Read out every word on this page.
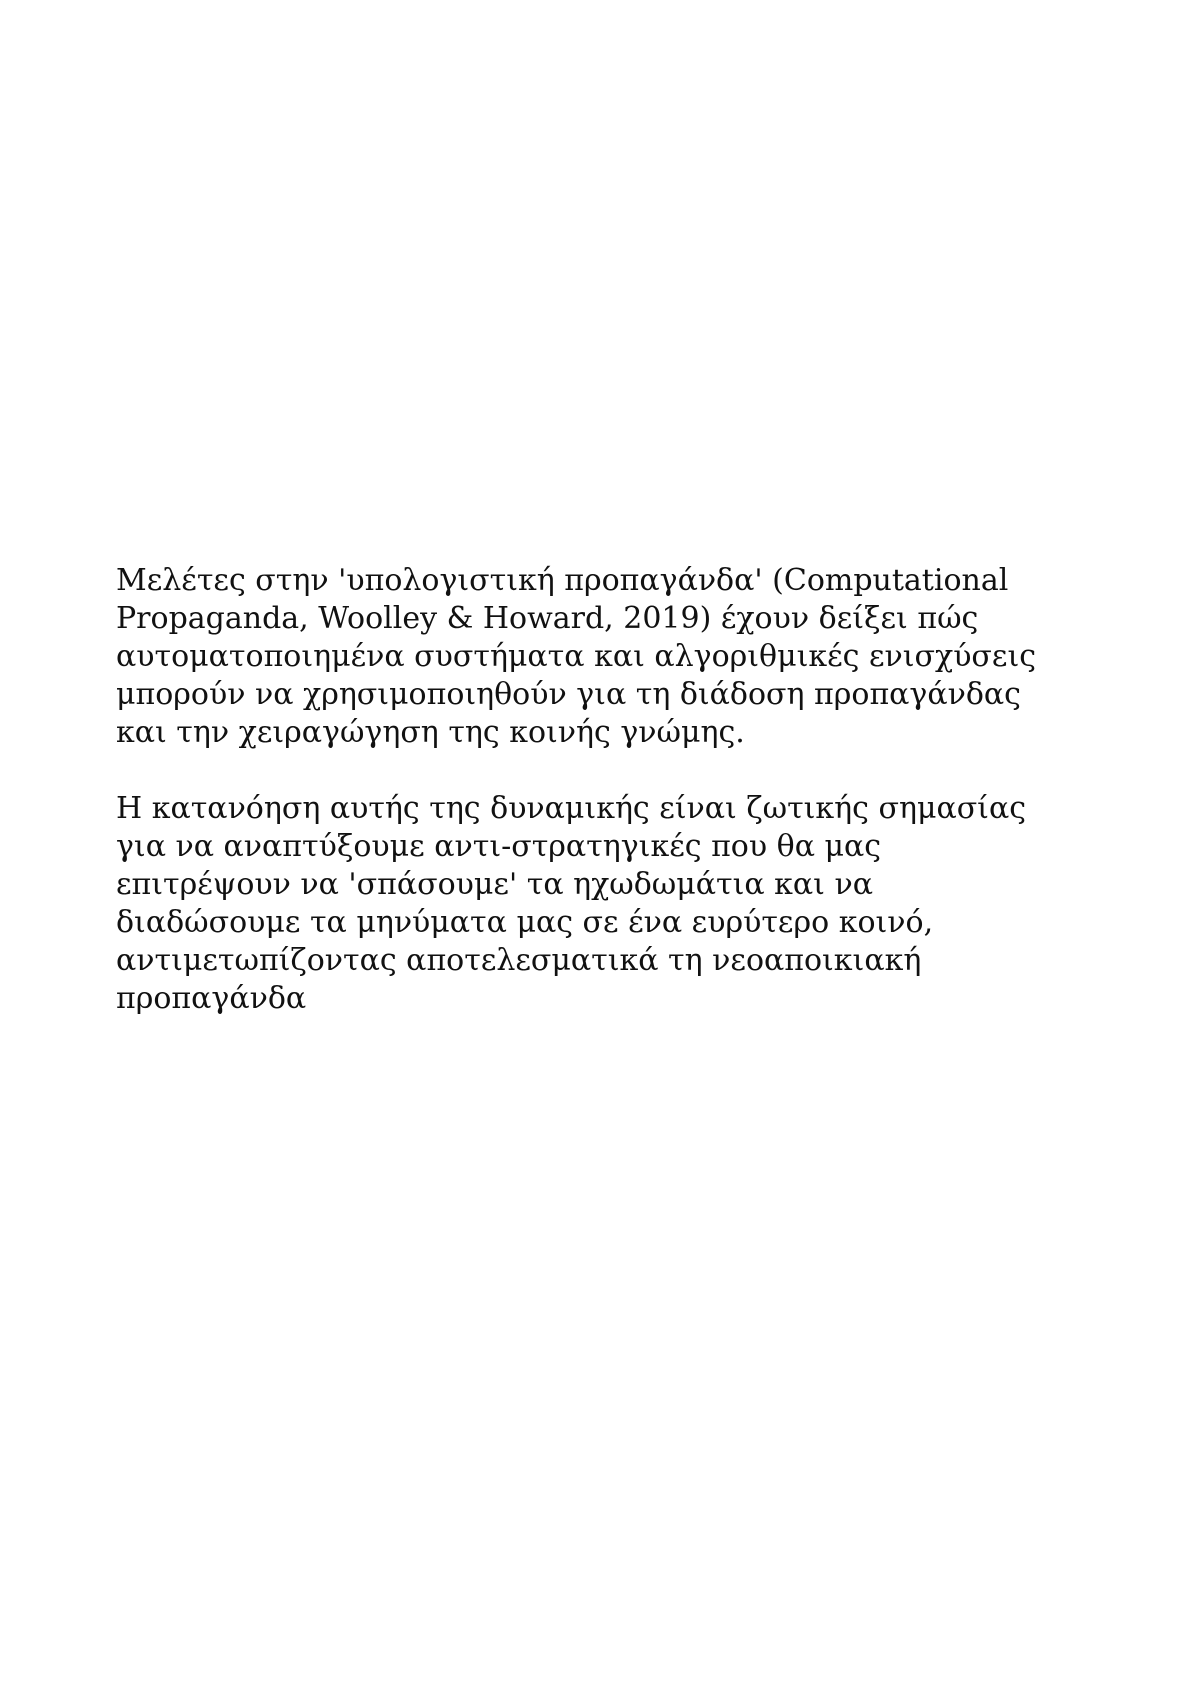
Μελέτες στην 'υπολογιστική προπαγάνδα' (Computational
Propaganda, Woolley & Howard, 2019) έχουν δείξει πώς
αυτοματοποιημένα συστήματα και αλγοριθμικές ενισχύσεις
μπορούν να χρησιμοποιηθούν για τη διάδοση προπαγάνδας
και την χειραγώγηση της κοινής γνώμης.

Η κατανόηση αυτής της δυναμικής είναι ζωτικής σημασίας
για να αναπτύξουμε αντι-στρατηγικές που θα μας
επιτρέψουν να 'σπάσουμε' τα ηχωδωμάτια και να
διαδώσουμε τα μηνύματα μας σε ένα ευρύτερο κοινό,
αντιμετωπίζοντας αποτελεσματικά τη νεοαποικιακή
προπαγάνδα
